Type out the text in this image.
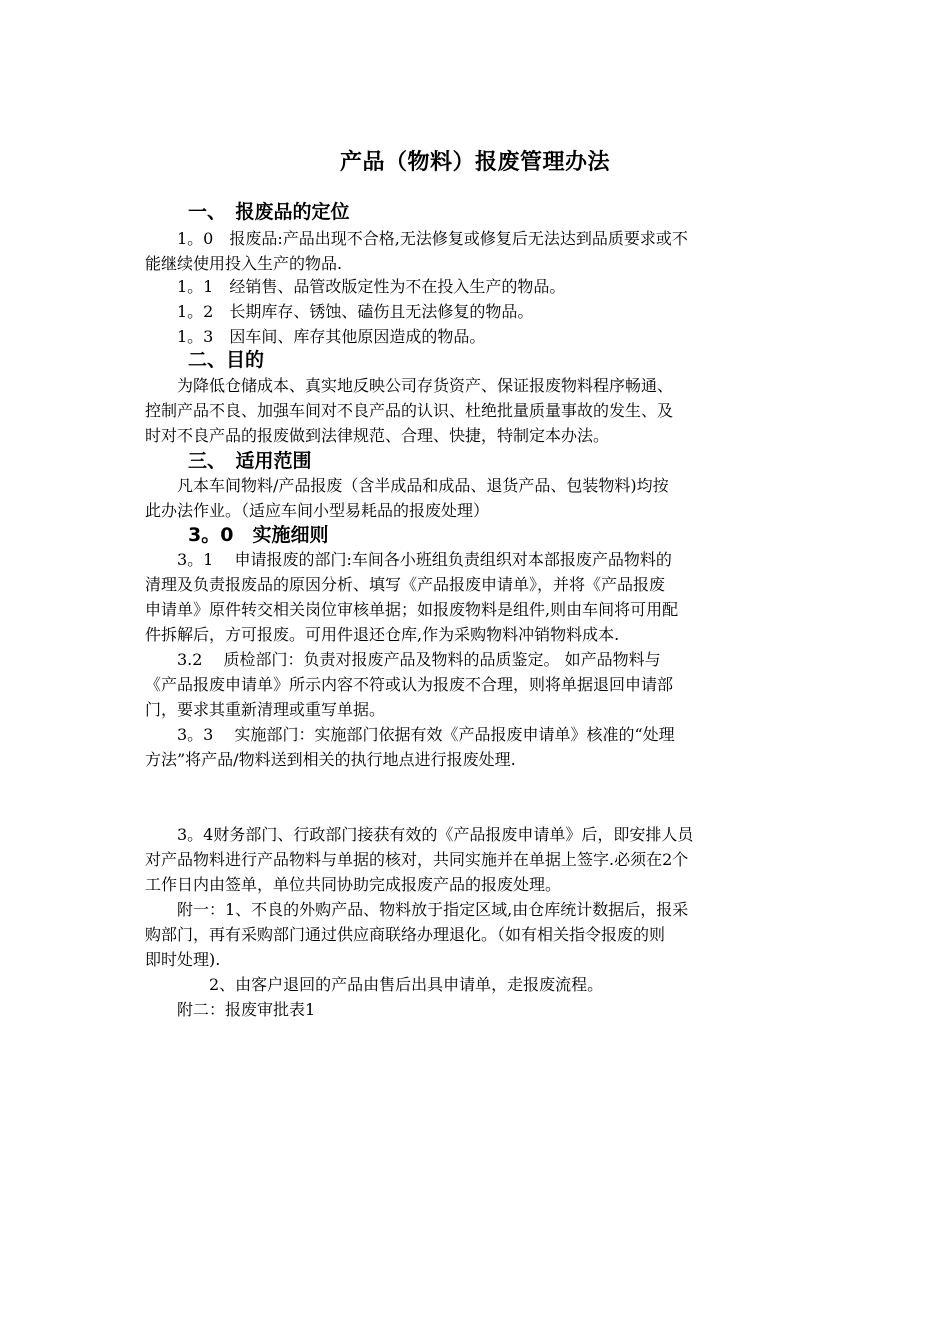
产品（物料）报废管理办法
一、　报废品的定位

　　1。0　报废品:产品出现不合格,无法修复或修复后无法达到品质要求或不
能继续使用投入生产的物品.

　　1。1　经销售、品管改版定性为不在投入生产的物品。

　　1。2　长期库存、锈蚀、磕伤且无法修复的物品。

　　1。3　因车间、库存其他原因造成的物品。

二、目的

　　为降低仓储成本、真实地反映公司存货资产、保证报废物料程序畅通、
控制产品不良、加强车间对不良产品的认识、杜绝批量质量事故的发生、及
时对不良产品的报废做到法律规范、合理、快捷，特制定本办法。

三、　适用范围

　　凡本车间物料/产品报废（含半成品和成品、退货产品、包装物料)均按
此办法作业。（适应车间小型易耗品的报废处理）

3。0　实施细则

　　3。1　 申请报废的部门:车间各小班组负责组织对本部报废产品物料的
清理及负责报废品的原因分析、填写《产品报废申请单》，并将《产品报废
申请单》原件转交相关岗位审核单据；如报废物料是组件,则由车间将可用配
件拆解后，方可报废。可用件退还仓库,作为采购物料冲销物料成本.

　　3.2　 质检部门：负责对报废产品及物料的品质鉴定。 如产品物料与
《产品报废申请单》所示内容不符或认为报废不合理，则将单据退回申请部
门，要求其重新清理或重写单据。

　　3。3　 实施部门：实施部门依据有效《产品报废申请单》核准的“处理
方法”将产品/物料送到相关的执行地点进行报废处理.

　　3。4财务部门、行政部门接获有效的《产品报废申请单》后，即安排人员
对产品物料进行产品物料与单据的核对，共同实施并在单据上签字.必须在2个
工作日内由签单，单位共同协助完成报废产品的报废处理。

　　附一：1、不良的外购产品、物料放于指定区域,由仓库统计数据后，报采
购部门，再有采购部门通过供应商联络办理退化。（如有相关指令报废的则
即时处理).

　　　　2、由客户退回的产品由售后出具申请单，走报废流程。

　　附二：报废审批表1
